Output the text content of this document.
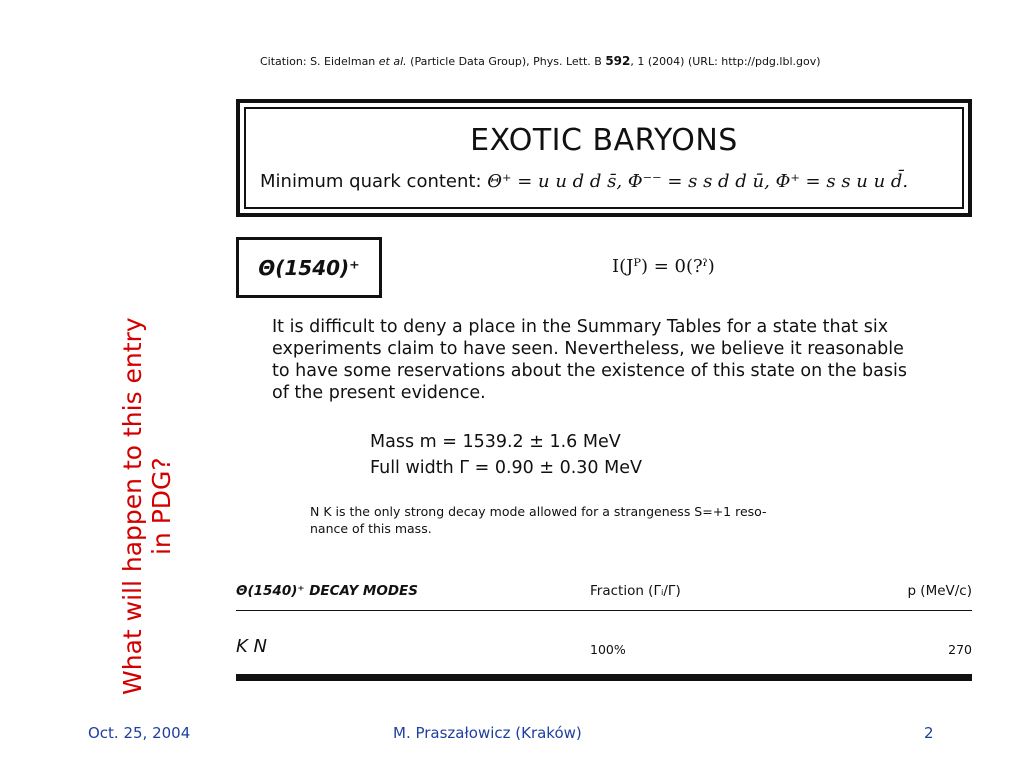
Citation: S. Eidelman et al. (Particle Data Group), Phys. Lett. B 592, 1 (2004) (URL: http://pdg.lbl.gov)
EXOTIC BARYONS
Minimum quark content: Θ⁺ = u u d d s̄, Φ⁻⁻ = s s d d ū, Φ⁺ = s s u u d̄.
Θ(1540)⁺	I(Jᴾ) = 0(?ˀ)

It is difficult to deny a place in the Summary Tables for a state that six

experiments claim to have seen. Nevertheless, we believe it reasonable

to have some reservations about the existence of this state on the basis

of the present evidence.

Mass m = 1539.2 ± 1.6 MeV
Full width Γ = 0.90 ± 0.30 MeV

N K is the only strong decay mode allowed for a strangeness S=+1 reso-

nance of this mass.

Θ(1540)⁺ DECAY MODES	Fraction (Γᵢ/Γ)	p (MeV/c)
K N	100%	270
What will happen to this entry in PDG?
Oct. 25, 2004	M. Praszałowicz (Kraków)	2
